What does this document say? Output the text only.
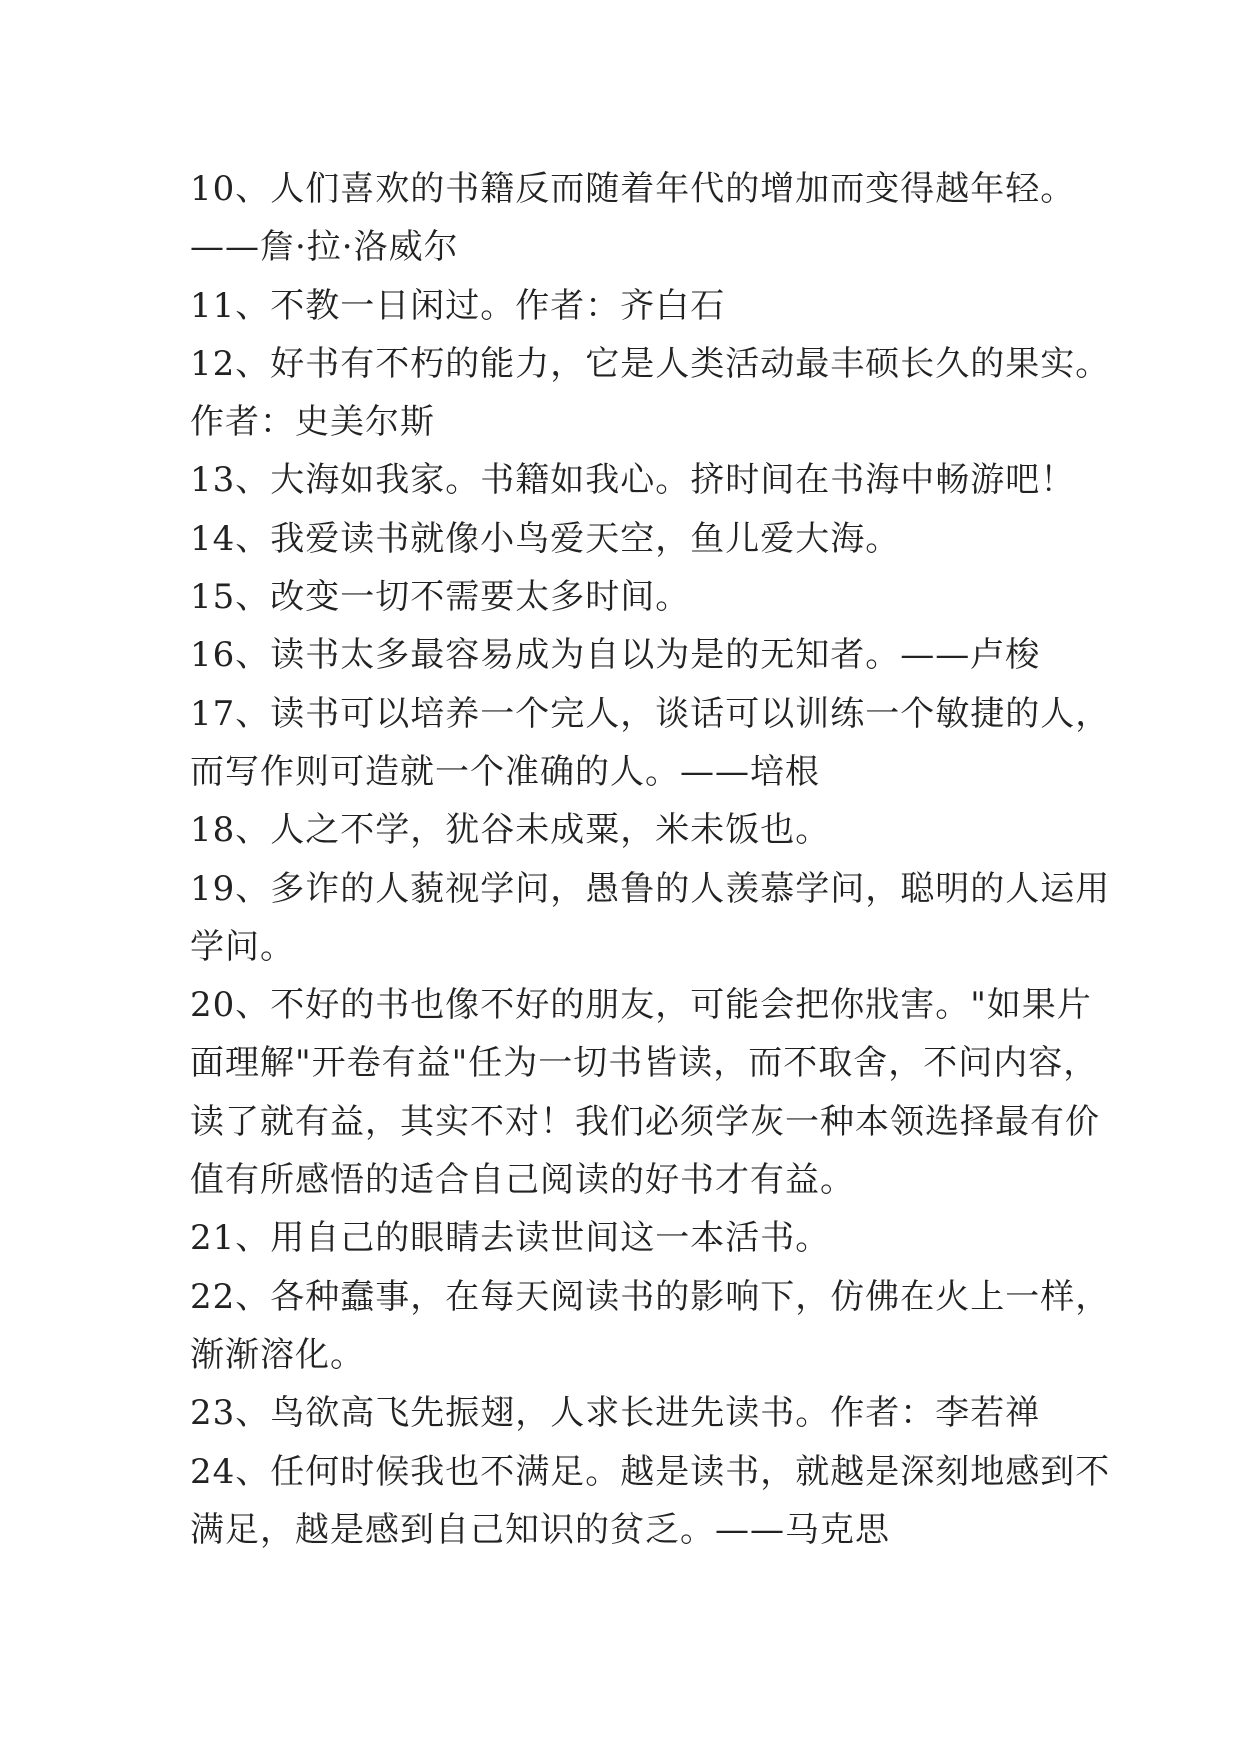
10、人们喜欢的书籍反而随着年代的增加而变得越年轻。
——詹·拉·洛威尔
11、不教一日闲过。作者：齐白石
12、好书有不朽的能力，它是人类活动最丰硕长久的果实。
作者：史美尔斯
13、大海如我家。书籍如我心。挤时间在书海中畅游吧！
14、我爱读书就像小鸟爱天空，鱼儿爱大海。
15、改变一切不需要太多时间。
16、读书太多最容易成为自以为是的无知者。——卢梭
17、读书可以培养一个完人，谈话可以训练一个敏捷的人，
而写作则可造就一个准确的人。——培根
18、人之不学，犹谷未成粟，米未饭也。
19、多诈的人藐视学问，愚鲁的人羡慕学问，聪明的人运用
学问。
20、不好的书也像不好的朋友，可能会把你戕害。"如果片
面理解"开卷有益"任为一切书皆读，而不取舍，不问内容，
读了就有益，其实不对！我们必须学灰一种本领选择最有价
值有所感悟的适合自己阅读的好书才有益。
21、用自己的眼睛去读世间这一本活书。
22、各种蠢事，在每天阅读书的影响下，仿佛在火上一样，
渐渐溶化。
23、鸟欲高飞先振翅，人求长进先读书。作者：李若禅
24、任何时候我也不满足。越是读书，就越是深刻地感到不
满足，越是感到自己知识的贫乏。——马克思
